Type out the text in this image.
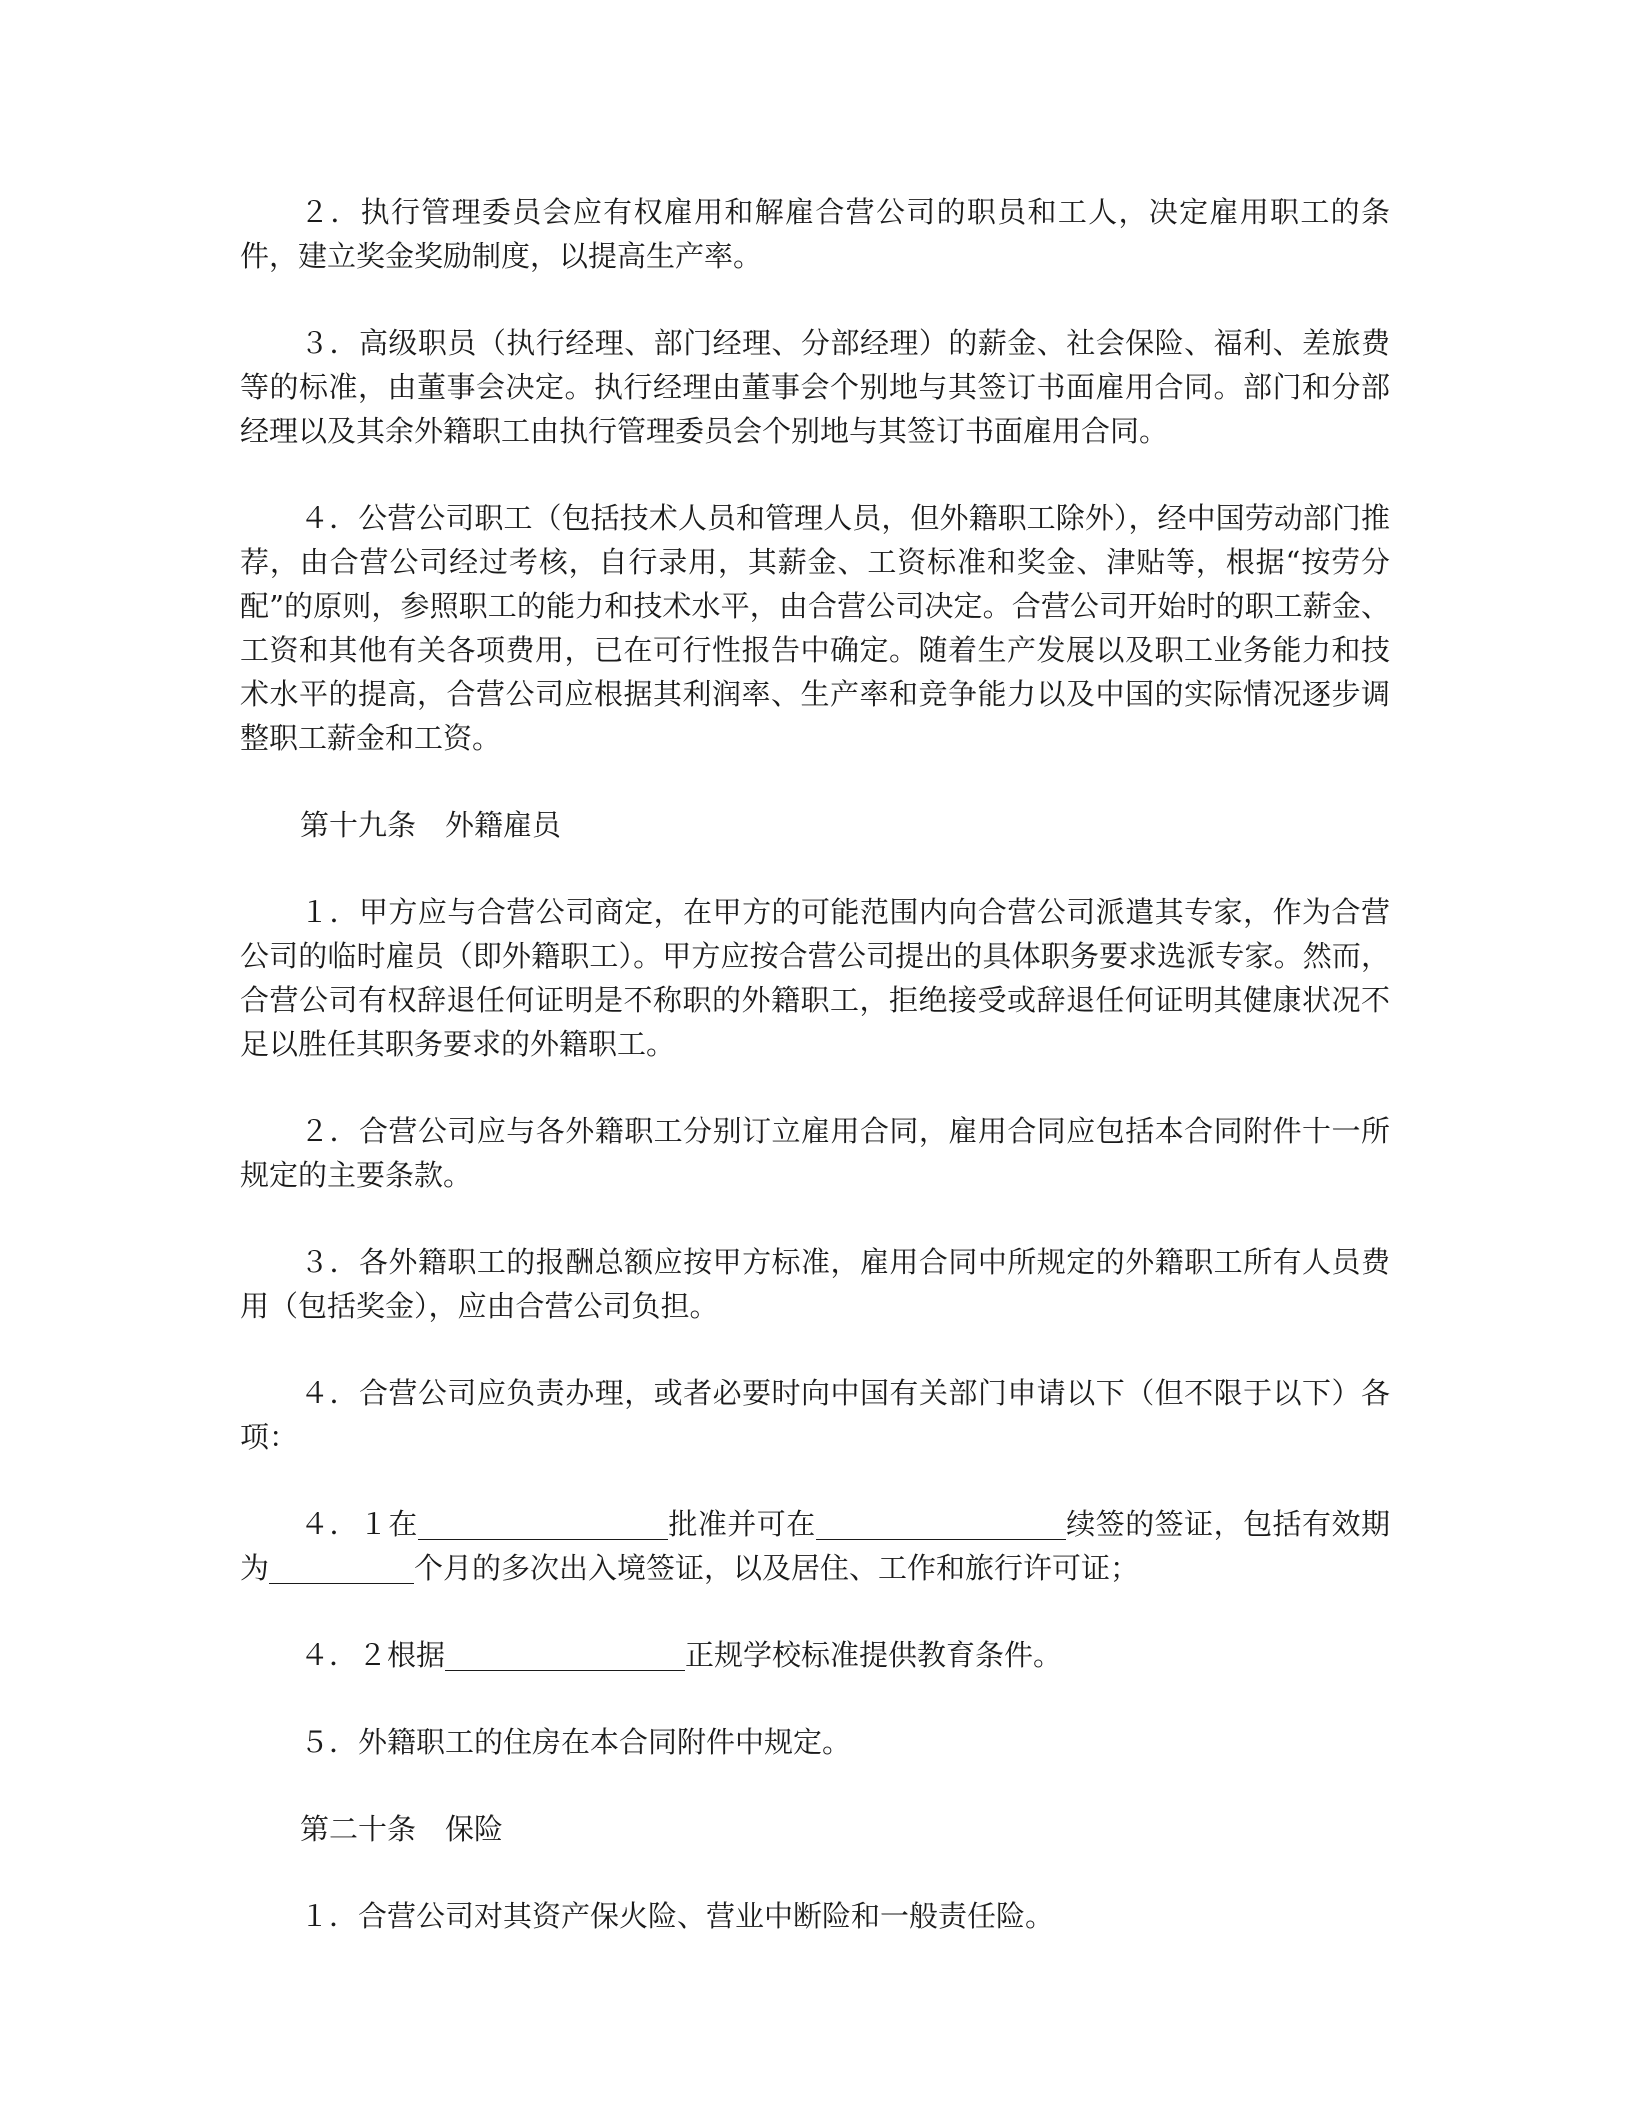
２．执行管理委员会应有权雇用和解雇合营公司的职员和工人，决定雇用职工的条件，建立奖金奖励制度，以提高生产率。

３．高级职员（执行经理、部门经理、分部经理）的薪金、社会保险、福利、差旅费等的标准，由董事会决定。执行经理由董事会个别地与其签订书面雇用合同。部门和分部经理以及其余外籍职工由执行管理委员会个别地与其签订书面雇用合同。

４．公营公司职工（包括技术人员和管理人员，但外籍职工除外），经中国劳动部门推荐，由合营公司经过考核，自行录用，其薪金、工资标准和奖金、津贴等，根据“按劳分配”的原则，参照职工的能力和技术水平，由合营公司决定。合营公司开始时的职工薪金、工资和其他有关各项费用，已在可行性报告中确定。随着生产发展以及职工业务能力和技术水平的提高，合营公司应根据其利润率、生产率和竞争能力以及中国的实际情况逐步调整职工薪金和工资。

第十九条　外籍雇员

１．甲方应与合营公司商定，在甲方的可能范围内向合营公司派遣其专家，作为合营公司的临时雇员（即外籍职工）。甲方应按合营公司提出的具体职务要求选派专家。然而，合营公司有权辞退任何证明是不称职的外籍职工，拒绝接受或辞退任何证明其健康状况不足以胜任其职务要求的外籍职工。

２．合营公司应与各外籍职工分别订立雇用合同，雇用合同应包括本合同附件十一所规定的主要条款。

３．各外籍职工的报酬总额应按甲方标准，雇用合同中所规定的外籍职工所有人员费用（包括奖金），应由合营公司负担。

４．合营公司应负责办理，或者必要时向中国有关部门申请以下（但不限于以下）各项：

４．１在	批准并可在	续签的签证，包括有效期为	个月的多次出入境签证，以及居住、工作和旅行许可证；

４．２根据	正规学校标准提供教育条件。

５．外籍职工的住房在本合同附件中规定。

第二十条　保险

１．合营公司对其资产保火险、营业中断险和一般责任险。
